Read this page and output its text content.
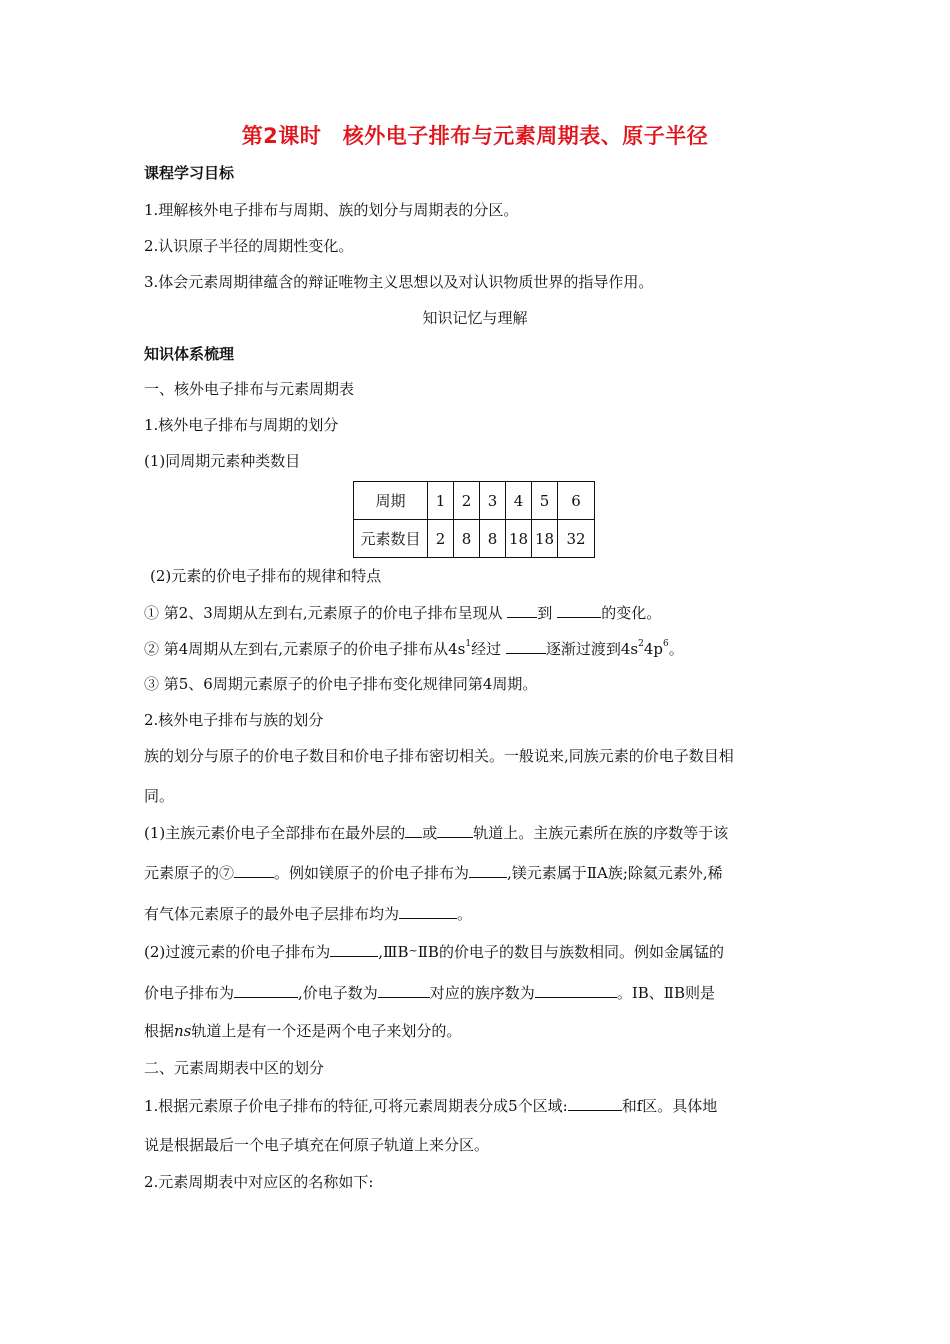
第2课时　核外电子排布与元素周期表、原子半径
课程学习目标
1.理解核外电子排布与周期、族的划分与周期表的分区。
2.认识原子半径的周期性变化。
3.体会元素周期律蕴含的辩证唯物主义思想以及对认识物质世界的指导作用。
知识记忆与理解
知识体系梳理
一、核外电子排布与元素周期表
1.核外电子排布与周期的划分
(1)同周期元素种类数目
周期	1	2	3	4	5	6
元素数目	2	8	8	18	18	32
(2)元素的价电子排布的规律和特点
① 第2、3周期从左到右,元素原子的价电子排布呈现从 到	的变化。
② 第4周期从左到右,元素原子的价电子排布从$4s^1$经过	逐渐过渡到$4s^24p^6$。
③ 第5、6周期元素原子的价电子排布变化规律同第4周期。
2.核外电子排布与族的划分
族的划分与原子的价电子数目和价电子排布密切相关。一般说来,同族元素的价电子数目相
同。
(1)主族元素价电子全部排布在最外层的 或 轨道上。主族元素所在族的序数等于该
元素原子的⑦	。例如镁原子的价电子排布为	,镁元素属于ⅡA族;除氦元素外,稀
有气体元素原子的最外电子层排布均为	。
(2)过渡元素的价电子排布为	,ⅢB~ⅡB的价电子的数目与族数相同。例如金属锰的
价电子排布为	,价电子数为	对应的族序数为	。ⅠB、ⅡB则是
根据ns轨道上是有一个还是两个电子来划分的。
二、元素周期表中区的划分
1.根据元素原子价电子排布的特征,可将元素周期表分成5个区域:	和f区。具体地
说是根据最后一个电子填充在何原子轨道上来分区。
2.元素周期表中对应区的名称如下:
